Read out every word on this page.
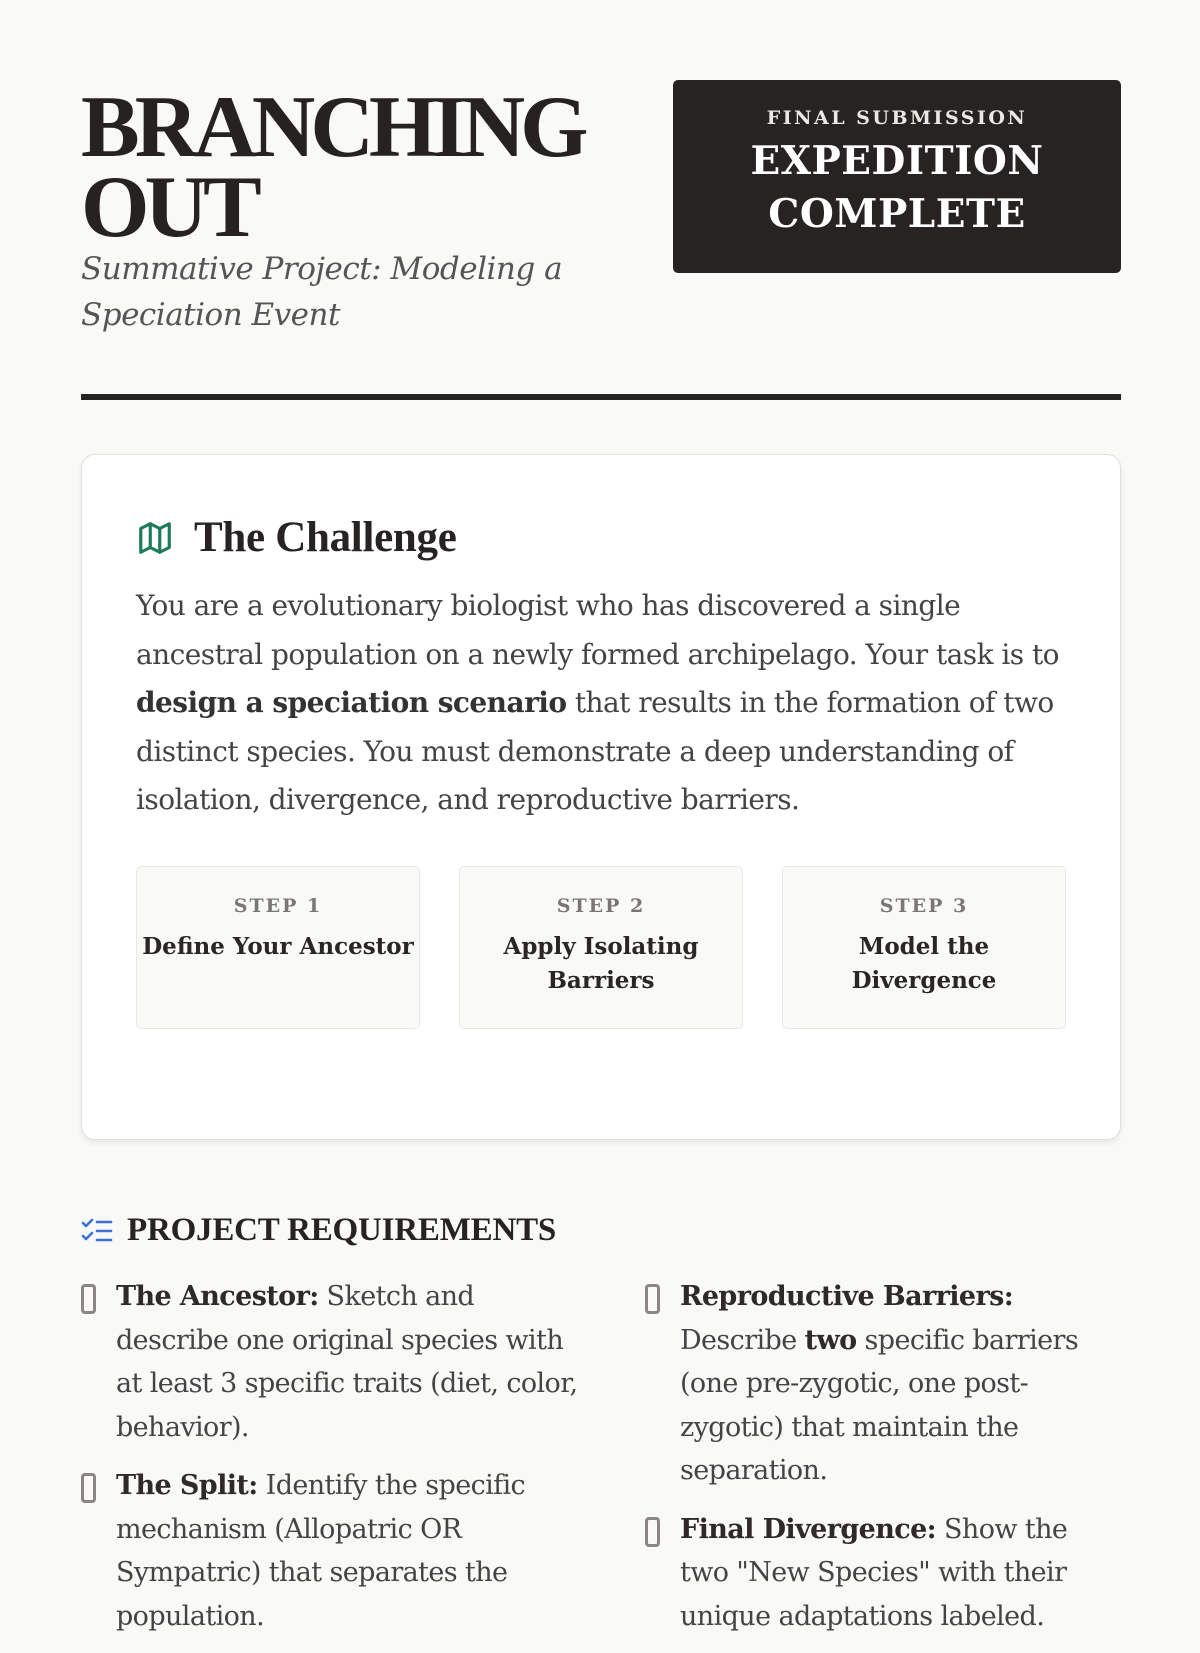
BRANCHING
OUT
Summative Project: Modeling a Speciation Event
FINAL SUBMISSION
EXPEDITION
COMPLETE
The Challenge

You are a evolutionary biologist who has discovered a single ancestral population on a newly formed archipelago. Your task is to design a speciation scenario that results in the formation of two distinct species. You must demonstrate a deep understanding of isolation, divergence, and reproductive barriers.

STEP 1
Define Your Ancestor
STEP 2
Apply Isolating Barriers
STEP 3
Model the Divergence
PROJECT REQUIREMENTS

The Ancestor: Sketch and describe one original species with at least 3 specific traits (diet, color, behavior).

The Split: Identify the specific mechanism (Allopatric OR Sympatric) that separates the population.

Reproductive Barriers: Describe two specific barriers (one pre-zygotic, one post-zygotic) that maintain the separation.

Final Divergence: Show the two "New Species" with their unique adaptations labeled.
